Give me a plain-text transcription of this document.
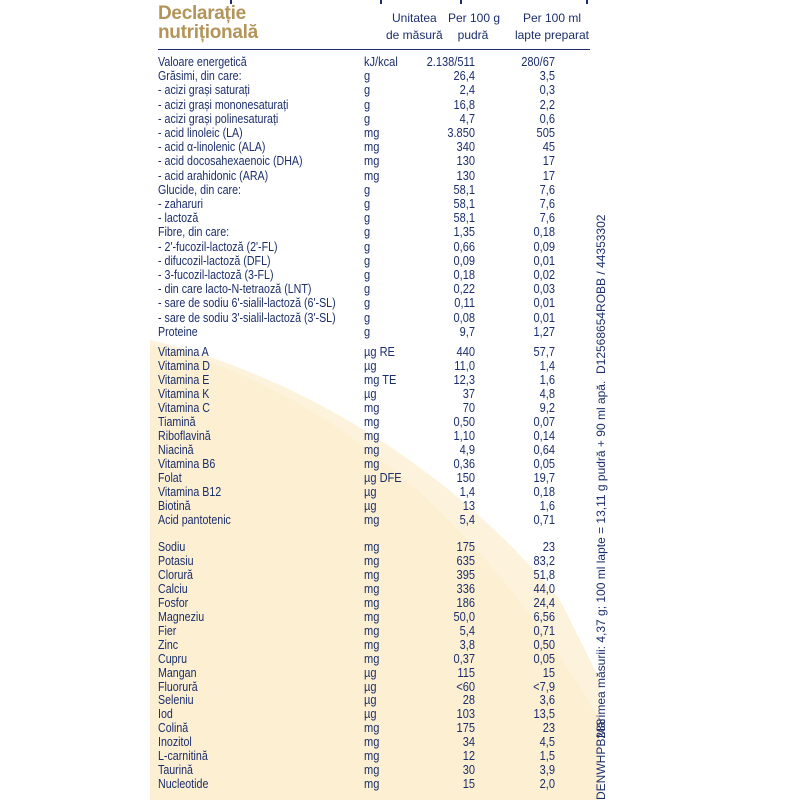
Declarație
nutrițională
Unitatea
de măsură
Per 100 g
pudră
Per 100 ml
lapte preparat
Valoare energetică	kJ/kcal	2.138/511	280/67
Grăsimi, din care:	g	26,4	3,5
- acizi grași saturați	g	2,4	0,3
- acizi grași mononesaturați	g	16,8	2,2
- acizi grași polinesaturați	g	4,7	0,6
- acid linoleic (LA)	mg	3.850	505
- acid α-linolenic (ALA)	mg	340	45
- acid docosahexaenoic (DHA)	mg	130	17
- acid arahidonic (ARA)	mg	130	17
Glucide, din care:	g	58,1	7,6
- zaharuri	g	58,1	7,6
- lactoză	g	58,1	7,6
Fibre, din care:	g	1,35	0,18
- 2'-fucozil-lactoză (2'-FL)	g	0,66	0,09
- difucozil-lactoză (DFL)	g	0,09	0,01
- 3-fucozil-lactoză (3-FL)	g	0,18	0,02
- din care lacto-N-tetraoză (LNT)	g	0,22	0,03
- sare de sodiu 6'-sialil-lactoză (6'-SL) g	0,11	0,01
- sare de sodiu 3'-sialil-lactoză (3'-SL) g	0,08	0,01
Proteine	g	9,7	1,27
Vitamina A	µg RE	440	57,7
Vitamina D	µg	11,0	1,4
Vitamina E	mg TE	12,3	1,6
Vitamina K	µg	37	4,8
Vitamina C	mg	70	9,2
Tiamină	mg	0,50	0,07
Riboflavină	mg	1,10	0,14
Niacină	mg	4,9	0,64
Vitamina B6	mg	0,36	0,05
Folat	µg DFE	150	19,7
Vitamina B12	µg	1,4	0,18
Biotină	µg	13	1,6
Acid pantotenic	mg	5,4	0,71
Sodiu	mg	175	23
Potasiu	mg	635	83,2
Clorură	mg	395	51,8
Calciu	mg	336	44,0
Fosfor	mg	186	24,4
Magneziu	mg	50,0	6,56
Fier	mg	5,4	0,71
Zinc	mg	3,8	0,50
Cupru	mg	0,37	0,05
Mangan	µg	115	15
Fluorură	µg	<60	<7,9
Seleniu	µg	28	3,6
Iod	µg	103	13,5
Colină	mg	175	23
Inozitol	mg	34	4,5
L-carnitină	mg	12	1,5
Taurină	mg	30	3,9
Nucleotide	mg	15	2,0
D12568654ROBB / 44353302
Mărimea măsurii: 4,37 g; 100 ml lapte = 13,11 g pudră + 90 ml apă.
DENWHPB288
